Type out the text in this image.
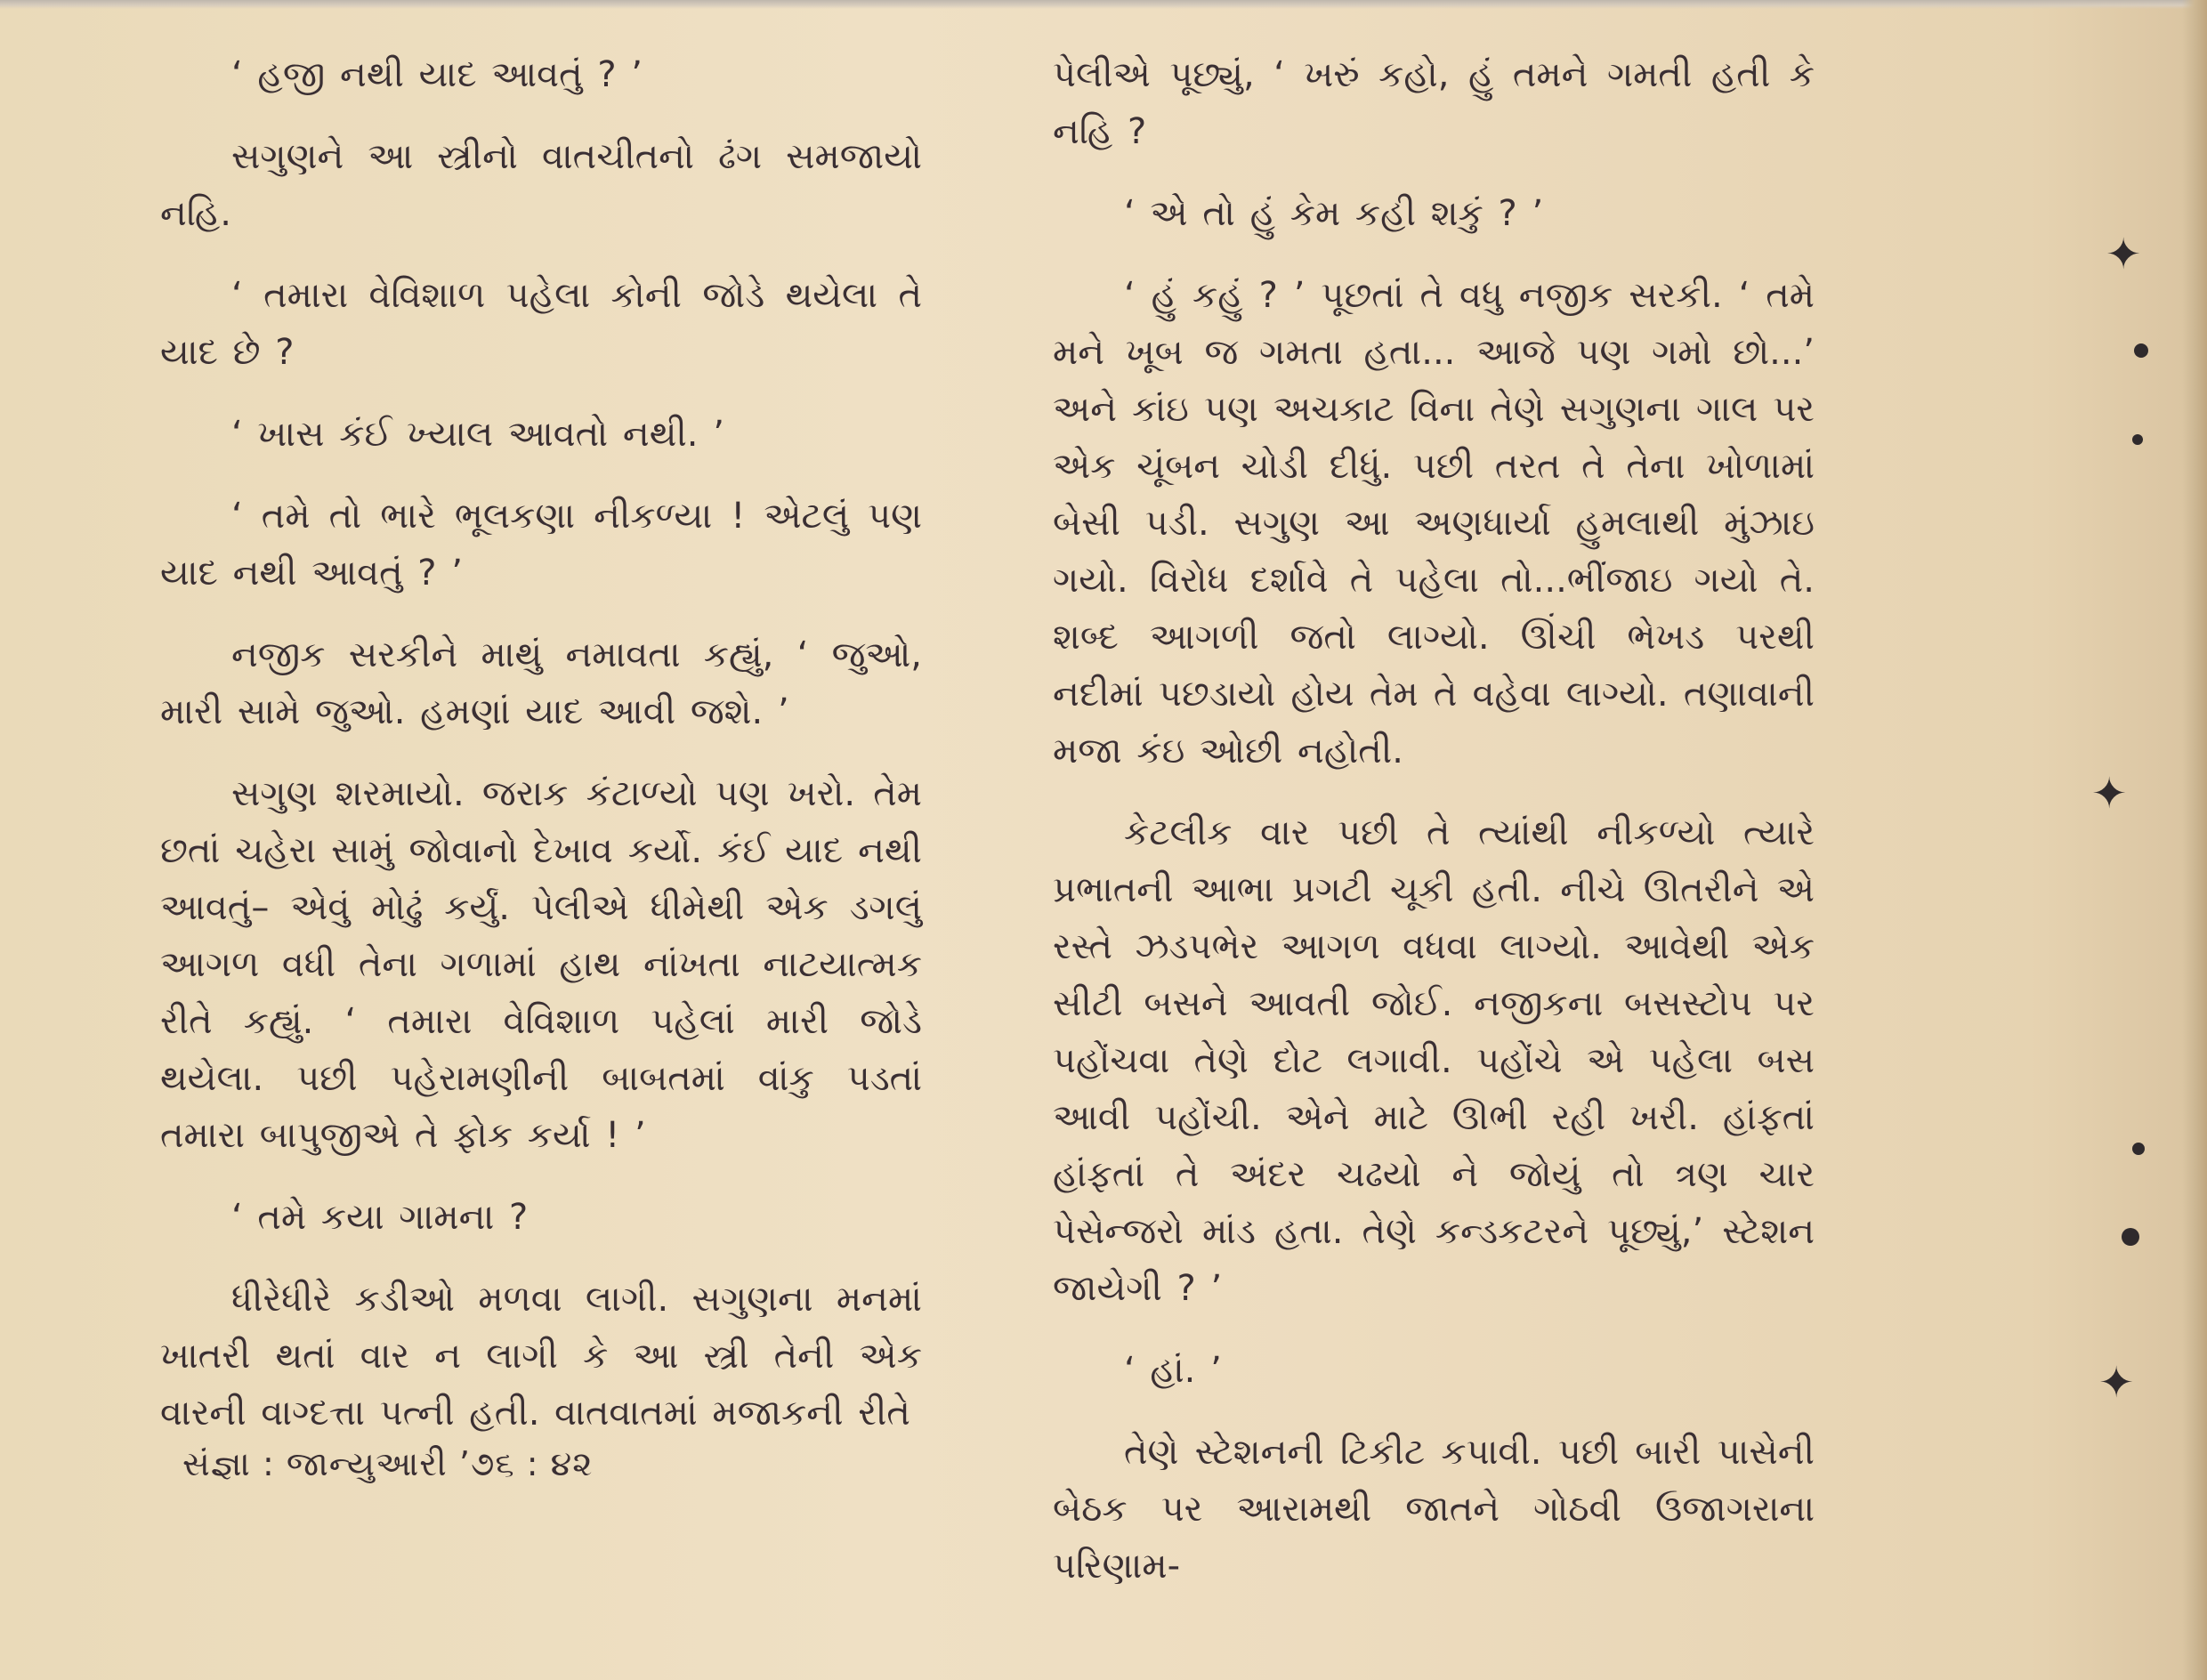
‘ હજી નથી યાદ આવતું ? ’

સગુણને આ સ્ત્રીનો વાતચીતનો ઢંગ સમજાયો નહિ.

‘ તમારા વેવિશાળ પહેલા કોની જોડે થયેલા તે યાદ છે ?

‘ ખાસ કંઈ ખ્યાલ આવતો નથી. ’

‘ તમે તો ભારે ભૂલકણા નીકળ્યા ! એટલું પણ યાદ નથી આવતું ? ’

નજીક સરકીને માથું નમાવતા કહ્યું, ‘ જુઓ, મારી સામે જુઓ. હમણાં યાદ આવી જશે. ’

સગુણ શરમાયો. જરાક કંટાળ્યો પણ ખરો. તેમ છતાં ચહેરા સામું જોવાનો દેખાવ કર્યો. કંઈ યાદ નથી આવતું– એવું મોઢું કર્યું. પેલીએ ધીમેથી એક ડગલું આગળ વધી તેના ગળામાં હાથ નાંખતા નાટયાત્મક રીતે કહ્યું. ‘ તમારા વેવિશાળ પહેલાં મારી જોડે થયેલા. પછી પહેરામણીની બાબતમાં વાંકુ પડતાં તમારા બાપુજીએ તે ફોક કર્યા ! ’

‘ તમે કયા ગામના ?

ધીરેધીરે કડીઓ મળવા લાગી. સગુણના મનમાં ખાતરી થતાં વાર ન લાગી કે આ સ્ત્રી તેની એક વારની વાગ્દત્તા પત્ની હતી. વાતવાતમાં મજાકની રીતે

પેલીએ પૂછ્યું, ‘ ખરું કહો, હું તમને ગમતી હતી કે નહિ ?

‘ એ તો હું કેમ કહી શકું ? ’

‘ હું કહું ? ’ પૂછતાં તે વધુ નજીક સરકી. ‘ તમે મને ખૂબ જ ગમતા હતા... આજે પણ ગમો છો...’ અને કાંઇ પણ અચકાટ વિના તેણે સગુણના ગાલ પર એક ચૂંબન ચોડી દીધું. પછી તરત તે તેના ખોળામાં બેસી પડી. સગુણ આ અણધાર્યા હુમલાથી મુંઝાઇ ગયો. વિરોધ દર્શાવે તે પહેલા તો...ભીંજાઇ ગયો તે. શબ્દ આગળી જતો લાગ્યો. ઊંચી ભેખડ પરથી નદીમાં પછડાયો હોય તેમ તે વહેવા લાગ્યો. તણાવાની મજા કંઇ ઓછી નહોતી.

કેટલીક વાર પછી તે ત્યાંથી નીકળ્યો ત્યારે પ્રભાતની આભા પ્રગટી ચૂકી હતી. નીચે ઊતરીને એ રસ્તે ઝડપભેર આગળ વધવા લાગ્યો. આવેથી એક સીટી બસને આવતી જોઈ. નજીકના બસસ્ટોપ પર પહોંચવા તેણે દોટ લગાવી. પહોંચે એ પહેલા બસ આવી પહોંચી. એને માટે ઊભી રહી ખરી. હાંફતાં હાંફતાં તે અંદર ચઢયો ને જોયું તો ત્રણ ચાર પેસેન્જરો માંડ હતા. તેણે કન્ડકટરને પૂછ્યું,’ સ્ટેશન જાયેગી ? ’

‘ હાં. ’

તેણે સ્ટેશનની ટિકીટ કપાવી. પછી બારી પાસેની બેઠક પર આરામથી જાતને ગોઠવી ઉજાગરાના પરિણામ-

સંજ્ઞા : જાન્યુઆરી ’૭૬ : ૪૨
✦
✦
✦
